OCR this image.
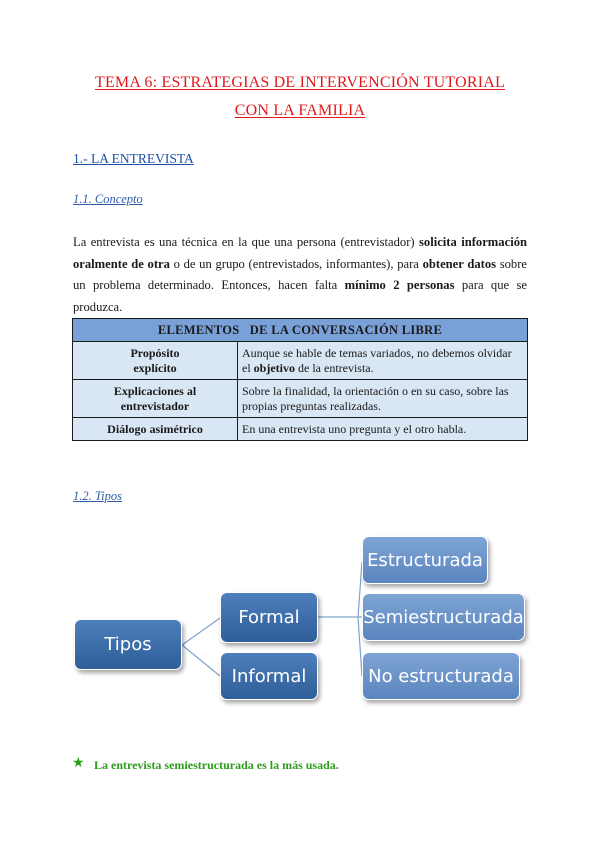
TEMA 6: ESTRATEGIAS DE INTERVENCIÓN TUTORIAL
CON LA FAMILIA
1.- LA ENTREVISTA
1.1. Concepto
La entrevista es una técnica en la que una persona (entrevistador) solicita información oralmente de otra o de un grupo (entrevistados, informantes), para obtener datos sobre un problema determinado. Entonces, hacen falta mínimo 2 personas para que se produzca.
ELEMENTOS   DE LA CONVERSACIÓN LIBRE	
Propósito
explícito	Aunque se hable de temas variados, no debemos olvidar el objetivo de la entrevista.
Explicaciones al
entrevistador	Sobre la finalidad, la orientación o en su caso, sobre las propias preguntas realizadas.
Diálogo asimétrico	En una entrevista uno pregunta y el otro habla.
1.2. Tipos
Tipos
Formal
Informal
Estructurada
Semiestructurada
No estructurada
★ La entrevista semiestructurada es la más usada.
